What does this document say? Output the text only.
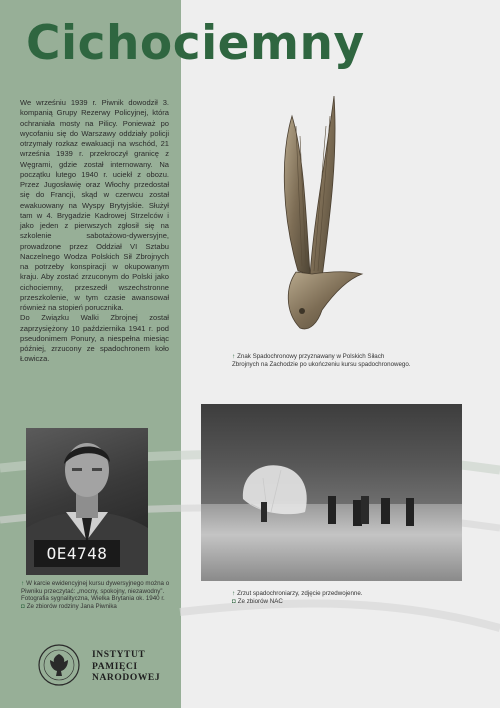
Cichociemny

We wrześniu 1939 r. Piwnik dowodził 3. kompanią Grupy Rezerwy Policyjnej, która ochraniała mosty na Pilicy. Ponieważ po wycofaniu się do Warszawy oddziały policji otrzymały rozkaz ewakuacji na wschód, 21 września 1939 r. przekroczył granicę z Węgrami, gdzie został internowany. Na początku lutego 1940 r. uciekł z obozu. Przez Jugosławię oraz Włochy przedostał się do Francji, skąd w czerwcu został ewakuowany na Wyspy Brytyjskie. Służył tam w 4. Brygadzie Kadrowej Strzelców i jako jeden z pierwszych zgłosił się na szkolenie sabotażowo-dywersyjne, prowadzone przez Oddział VI Sztabu Naczelnego Wodza Polskich Sił Zbrojnych na potrzeby konspiracji w okupowanym kraju. Aby zostać zrzuconym do Polski jako cichociemny, przeszedł wszechstronne przeszkolenie, w tym czasie awansował również na stopień porucznika.

Do Związku Walki Zbrojnej został zaprzysiężony 10 października 1941 r. pod pseudonimem Ponury, a niespełna miesiąc później, zrzucony ze spadochronem koło Łowicza.

OE4748
↑ W karcie ewidencyjnej kursu dywersyjnego można o Piwniku przeczytać: „mocny, spokojny, niezawodny”. Fotografia sygnalityczna, Wielka Brytania ok. 1940 r.
◘ Ze zbiorów rodziny Jana Piwnika
↑ Znak Spadochronowy przyznawany w Polskich Siłach Zbrojnych na Zachodzie po ukończeniu kursu spadochronowego.
↑ Zrzut spadochroniarzy, zdjęcie przedwojenne.
◘ Ze zbiorów NAC
INSTYTUT
PAMIĘCI
NARODOWEJ
